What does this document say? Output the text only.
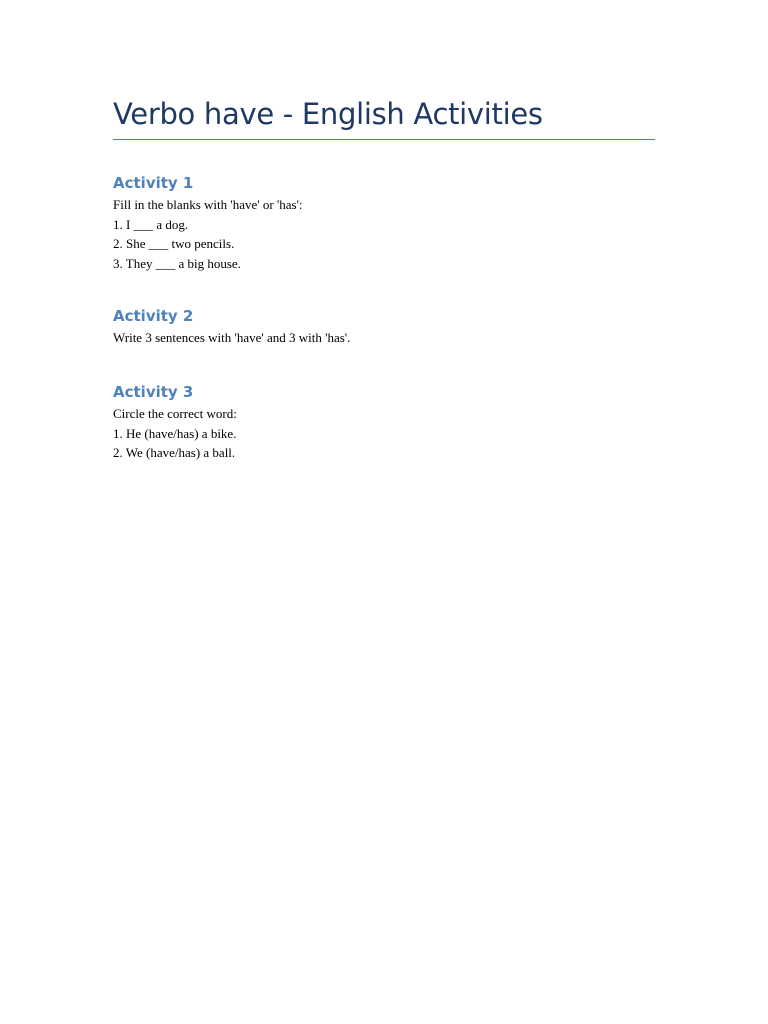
Verbo have - English Activities
Activity 1
Fill in the blanks with 'have' or 'has':
1. I ___ a dog.
2. She ___ two pencils.
3. They ___ a big house.
Activity 2
Write 3 sentences with 'have' and 3 with 'has'.
Activity 3
Circle the correct word:
1. He (have/has) a bike.
2. We (have/has) a ball.
